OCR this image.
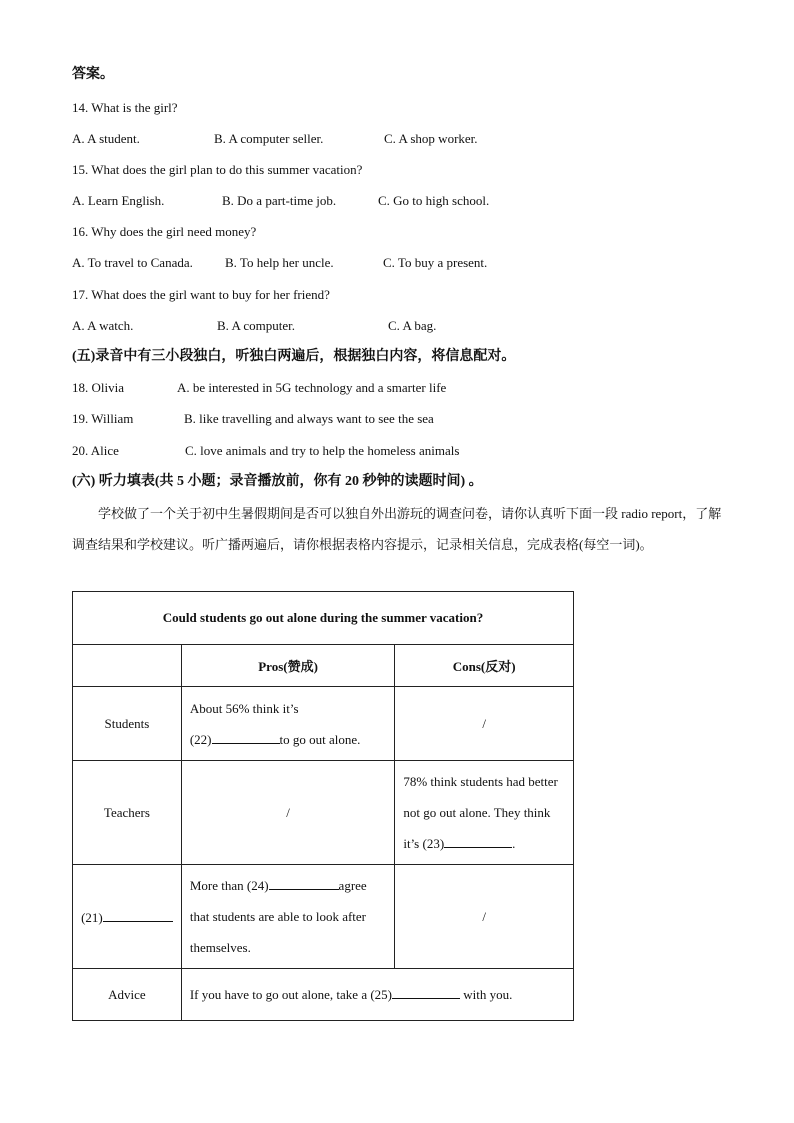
答案。
14. What is the girl?
A. A student.	B. A computer seller.	C. A shop worker.
15. What does the girl plan to do this summer vacation?
A. Learn English.	B. Do a part-time job.	C. Go to high school.
16. Why does the girl need money?
A. To travel to Canada. B. To help her uncle.	C. To buy a present.
17. What does the girl want to buy for her friend?
A. A watch.	B. A computer.	C. A bag.
(五)录音中有三小段独白，听独白两遍后，根据独白内容，将信息配对。
18. Olivia	A. be interested in 5G technology and a smarter life
19. William	B. like travelling and always want to see the sea
20. Alice	C. love animals and try to help the homeless animals
(六) 听力填表(共 5 小题；录音播放前，你有 20 秒钟的读题时间) 。
学校做了一个关于初中生暑假期间是否可以独自外出游玩的调查问卷，请你认真听下面一段 radio report，了解调查结果和学校建议。听广播两遍后，请你根据表格内容提示，记录相关信息，完成表格(每空一词)。
Could students go out alone during the summer vacation?		
	Pros(赞成)	Cons(反对)
Students	About 56% think it’s
(22) to go out alone.	/
Teachers	/	78% think students had better not go out alone. They think it’s (23) .
(21)	More than (24) agree that students are able to look after themselves.	/
Advice	If you have to go out alone, take a (25) with you.	
